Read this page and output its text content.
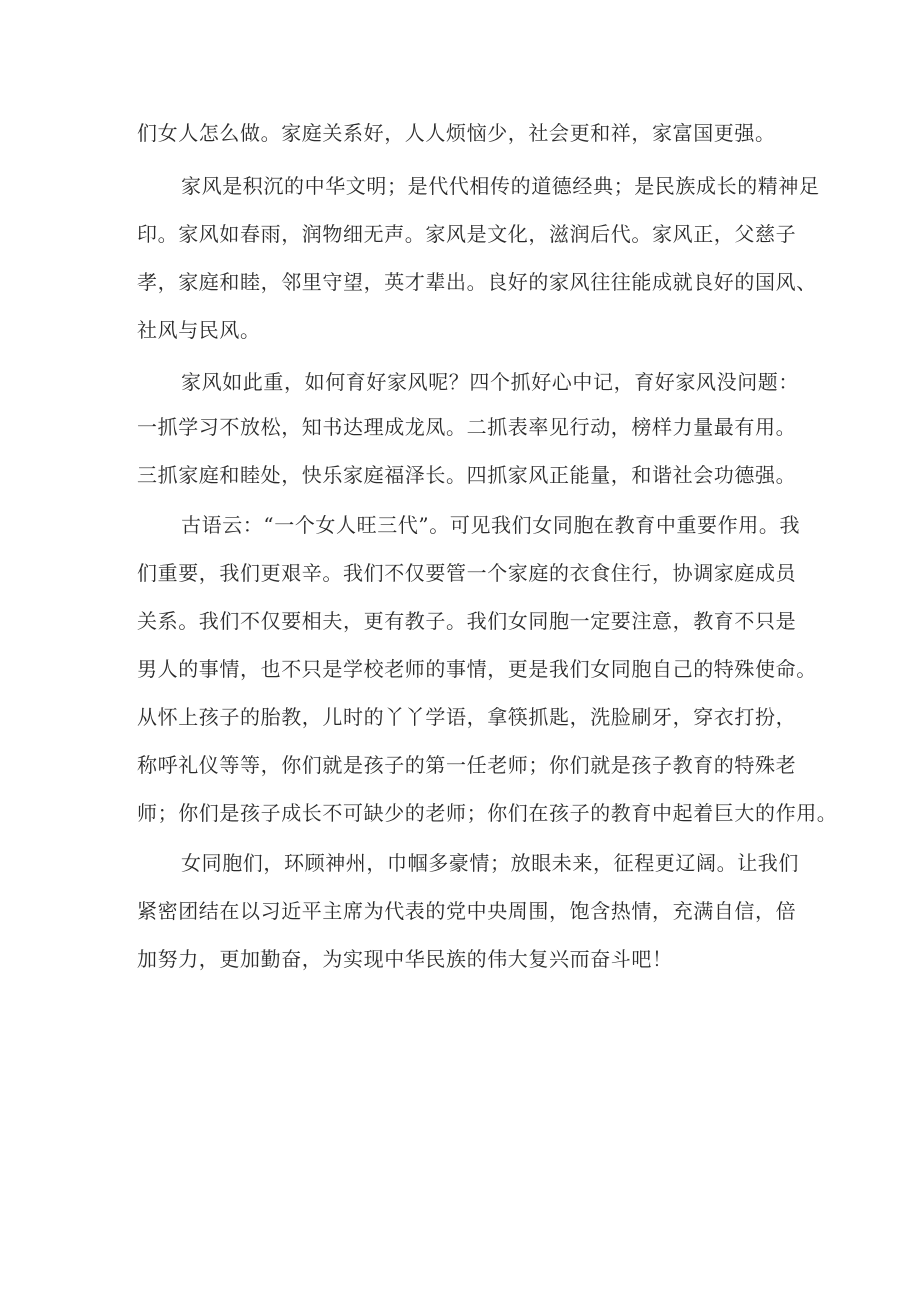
们女人怎么做。家庭关系好，人人烦恼少，社会更和祥，家富国更强。
家风是积沉的中华文明；是代代相传的道德经典；是民族成长的精神足
印。家风如春雨，润物细无声。家风是文化，滋润后代。家风正，父慈子
孝，家庭和睦，邻里守望，英才辈出。良好的家风往往能成就良好的国风、
社风与民风。
家风如此重，如何育好家风呢？四个抓好心中记，育好家风没问题：
一抓学习不放松，知书达理成龙凤。二抓表率见行动，榜样力量最有用。
三抓家庭和睦处，快乐家庭福泽长。四抓家风正能量，和谐社会功德强。
古语云：“一个女人旺三代”。可见我们女同胞在教育中重要作用。我
们重要，我们更艰辛。我们不仅要管一个家庭的衣食住行，协调家庭成员
关系。我们不仅要相夫，更有教子。我们女同胞一定要注意，教育不只是
男人的事情，也不只是学校老师的事情，更是我们女同胞自己的特殊使命。
从怀上孩子的胎教，儿时的丫丫学语，拿筷抓匙，洗脸刷牙，穿衣打扮，
称呼礼仪等等，你们就是孩子的第一任老师；你们就是孩子教育的特殊老
师；你们是孩子成长不可缺少的老师；你们在孩子的教育中起着巨大的作用。
女同胞们，环顾神州，巾帼多豪情；放眼未来，征程更辽阔。让我们
紧密团结在以习近平主席为代表的党中央周围，饱含热情，充满自信，倍
加努力，更加勤奋，为实现中华民族的伟大复兴而奋斗吧！
